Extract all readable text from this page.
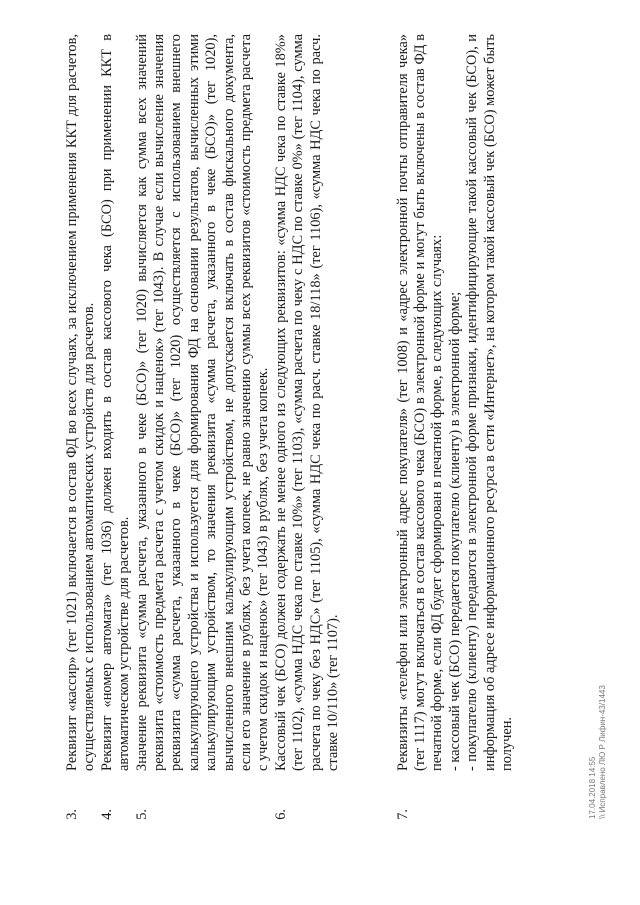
3.
Реквизит «кассир» (тег 1021) включается в состав ФД во всех случаях, за исключением применения ККТ для расчетов, осуществляемых с использованием автоматических устройств для расчетов.
4.
Реквизит «номер автомата» (тег 1036) должен входить в состав кассового чека (БСО) при применении ККТ в автоматическом устройстве для расчетов.
5.
Значение реквизита «сумма расчета, указанного в чеке (БСО)» (тег 1020) вычисляется как сумма всех значений реквизита «стоимость предмета расчета с учетом скидок и наценок» (тег 1043). В случае если вычисление значения реквизита «сумма расчета, указанного в чеке (БСО)» (тег 1020) осуществляется с использованием внешнего калькулирующего устройства и используется для формирования ФД на основании результатов, вычисленных этими калькулирующим устройством, то значения реквизита «сумма расчета, указанного в чеке (БСО)» (тег 1020), вычисленного внешним калькулирующим устройством, не допускается включать в состав фискального документа, если его значение в рублях, без учета копеек, не равно значению суммы всех реквизитов «стоимость предмета расчета с учетом скидок и наценок» (тег 1043) в рублях, без учета копеек.
6.
Кассовый чек (БСО) должен содержать не менее одного из следующих реквизитов: «сумма НДС чека по ставке 18%» (тег 1102), «сумма НДС чека по ставке 10%» (тег 1103), «сумма расчета по чеку с НДС по ставке 0%» (тег 1104), сумма расчета по чеку без НДС» (тег 1105), «сумма НДС чека по расч. ставке 18/118» (тег 1106), «сумма НДС чека по расч. ставке 10/110» (тег 1107).
7.
Реквизиты «телефон или электронный адрес покупателя» (тег 1008) и «адрес электронной почты отправителя чека» (тег 1117) могут включаться в состав кассового чека (БСО) в электронной форме и могут быть включены в состав ФД в печатной форме, если ФД будет сформирован в печатной форме, в следующих случаях: - кассовый чек (БСО) передается покупателю (клиенту) в электронной форме; - покупателю (клиенту) передаются в электронной форме признаки, идентифицирующие такой кассовый чек (БСО), и информация об адресе информационного ресурса в сети «Интернет», на котором такой кассовый чек (БСО) может быть получен.
17.04.2018 14:55 \\ Исправлено ЛЮ Р Лифин-43/1443
